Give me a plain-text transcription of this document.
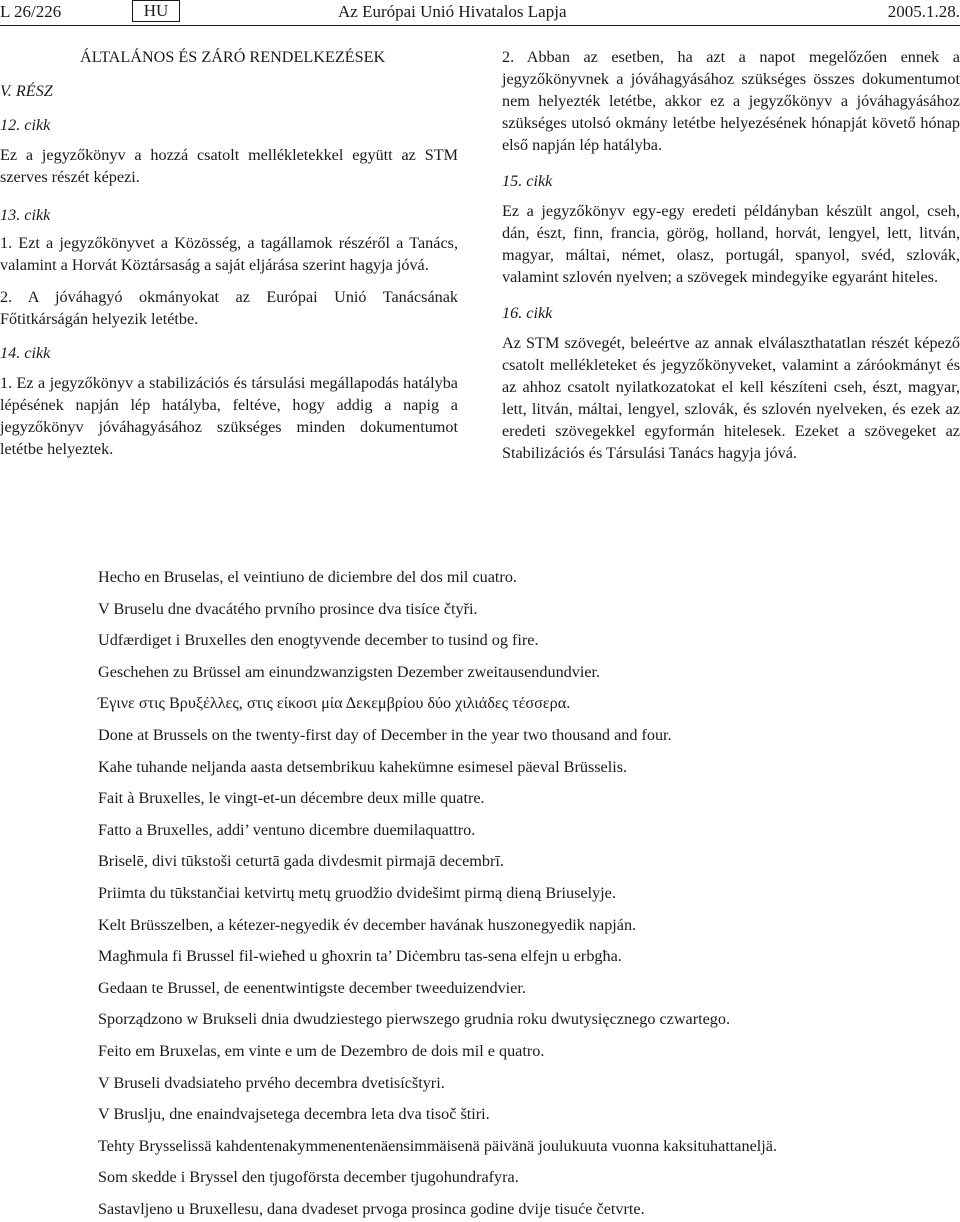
L 26/226	HU	Az Európai Unió Hivatalos Lapja	2005.1.28.

ÁLTALÁNOS ÉS ZÁRÓ RENDELKEZÉSEK

V. RÉSZ

12. cikk

Ez a jegyzőkönyv a hozzá csatolt mellékletekkel együtt az STM szerves részét képezi.

13. cikk

1. Ezt a jegyzőkönyvet a Közösség, a tagállamok részéről a Tanács, valamint a Horvát Köztársaság a saját eljárása szerint hagyja jóvá.

2. A jóváhagyó okmányokat az Európai Unió Tanácsának Főtitkárságán helyezik letétbe.

14. cikk

1. Ez a jegyzőkönyv a stabilizációs és társulási megállapodás hatályba lépésének napján lép hatályba, feltéve, hogy addig a napig a jegyzőkönyv jóváhagyásához szükséges minden dokumentumot letétbe helyeztek.

2. Abban az esetben, ha azt a napot megelőzően ennek a jegyzőkönyvnek a jóváhagyásához szükséges összes dokumentumot nem helyezték letétbe, akkor ez a jegyzőkönyv a jóváhagyásához szükséges utolsó okmány letétbe helyezésének hónapját követő hónap első napján lép hatályba.

15. cikk

Ez a jegyzőkönyv egy-egy eredeti példányban készült angol, cseh, dán, észt, finn, francia, görög, holland, horvát, lengyel, lett, litván, magyar, máltai, német, olasz, portugál, spanyol, svéd, szlovák, valamint szlovén nyelven; a szövegek mindegyike egyaránt hiteles.

16. cikk

Az STM szövegét, beleértve az annak elválaszthatatlan részét képező csatolt mellékleteket és jegyzőkönyveket, valamint a záróokmányt és az ahhoz csatolt nyilatkozatokat el kell készíteni cseh, észt, magyar, lett, litván, máltai, lengyel, szlovák, és szlovén nyelveken, és ezek az eredeti szövegekkel egyformán hitelesek. Ezeket a szövegeket az Stabilizációs és Társulási Tanács hagyja jóvá.

Hecho en Bruselas, el veintiuno de diciembre del dos mil cuatro.
V Bruselu dne dvacátého prvního prosince dva tisíce čtyři.
Udfærdiget i Bruxelles den enogtyvende december to tusind og fire.
Geschehen zu Brüssel am einundzwanzigsten Dezember zweitausendundvier.
Έγινε στις Βρυξέλλες, στις είκοσι μία Δεκεμβρίου δύο χιλιάδες τέσσερα.
Done at Brussels on the twenty-first day of December in the year two thousand and four.
Kahe tuhande neljanda aasta detsembrikuu kahekümne esimesel päeval Brüsselis.
Fait à Bruxelles, le vingt-et-un décembre deux mille quatre.
Fatto a Bruxelles, addi’ ventuno dicembre duemilaquattro.
Briselē, divi tūkstoši ceturtā gada divdesmit pirmajā decembrī.
Priimta du tūkstančiai ketvirtų metų gruodžio dvidešimt pirmą dieną Briuselyje.
Kelt Brüsszelben, a kétezer-negyedik év december havának huszonegyedik napján.
Magħmula fi Brussel fil-wieħed u għoxrin ta’ Diċembru tas-sena elfejn u erbgħa.
Gedaan te Brussel, de eenentwintigste december tweeduizendvier.
Sporządzono w Brukseli dnia dwudziestego pierwszego grudnia roku dwutysięcznego czwartego.
Feito em Bruxelas, em vinte e um de Dezembro de dois mil e quatro.
V Bruseli dvadsiateho prvého decembra dvetisícštyri.
V Bruslju, dne enaindvajsetega decembra leta dva tisoč štiri.
Tehty Brysselissä kahdentenakymmenentenäensimmäisenä päivänä joulukuuta vuonna kaksituhattaneljä.
Som skedde i Bryssel den tjugoförsta december tjugohundrafyra.
Sastavljeno u Bruxellesu, dana dvadeset prvoga prosinca godine dvije tisuće četvrte.
